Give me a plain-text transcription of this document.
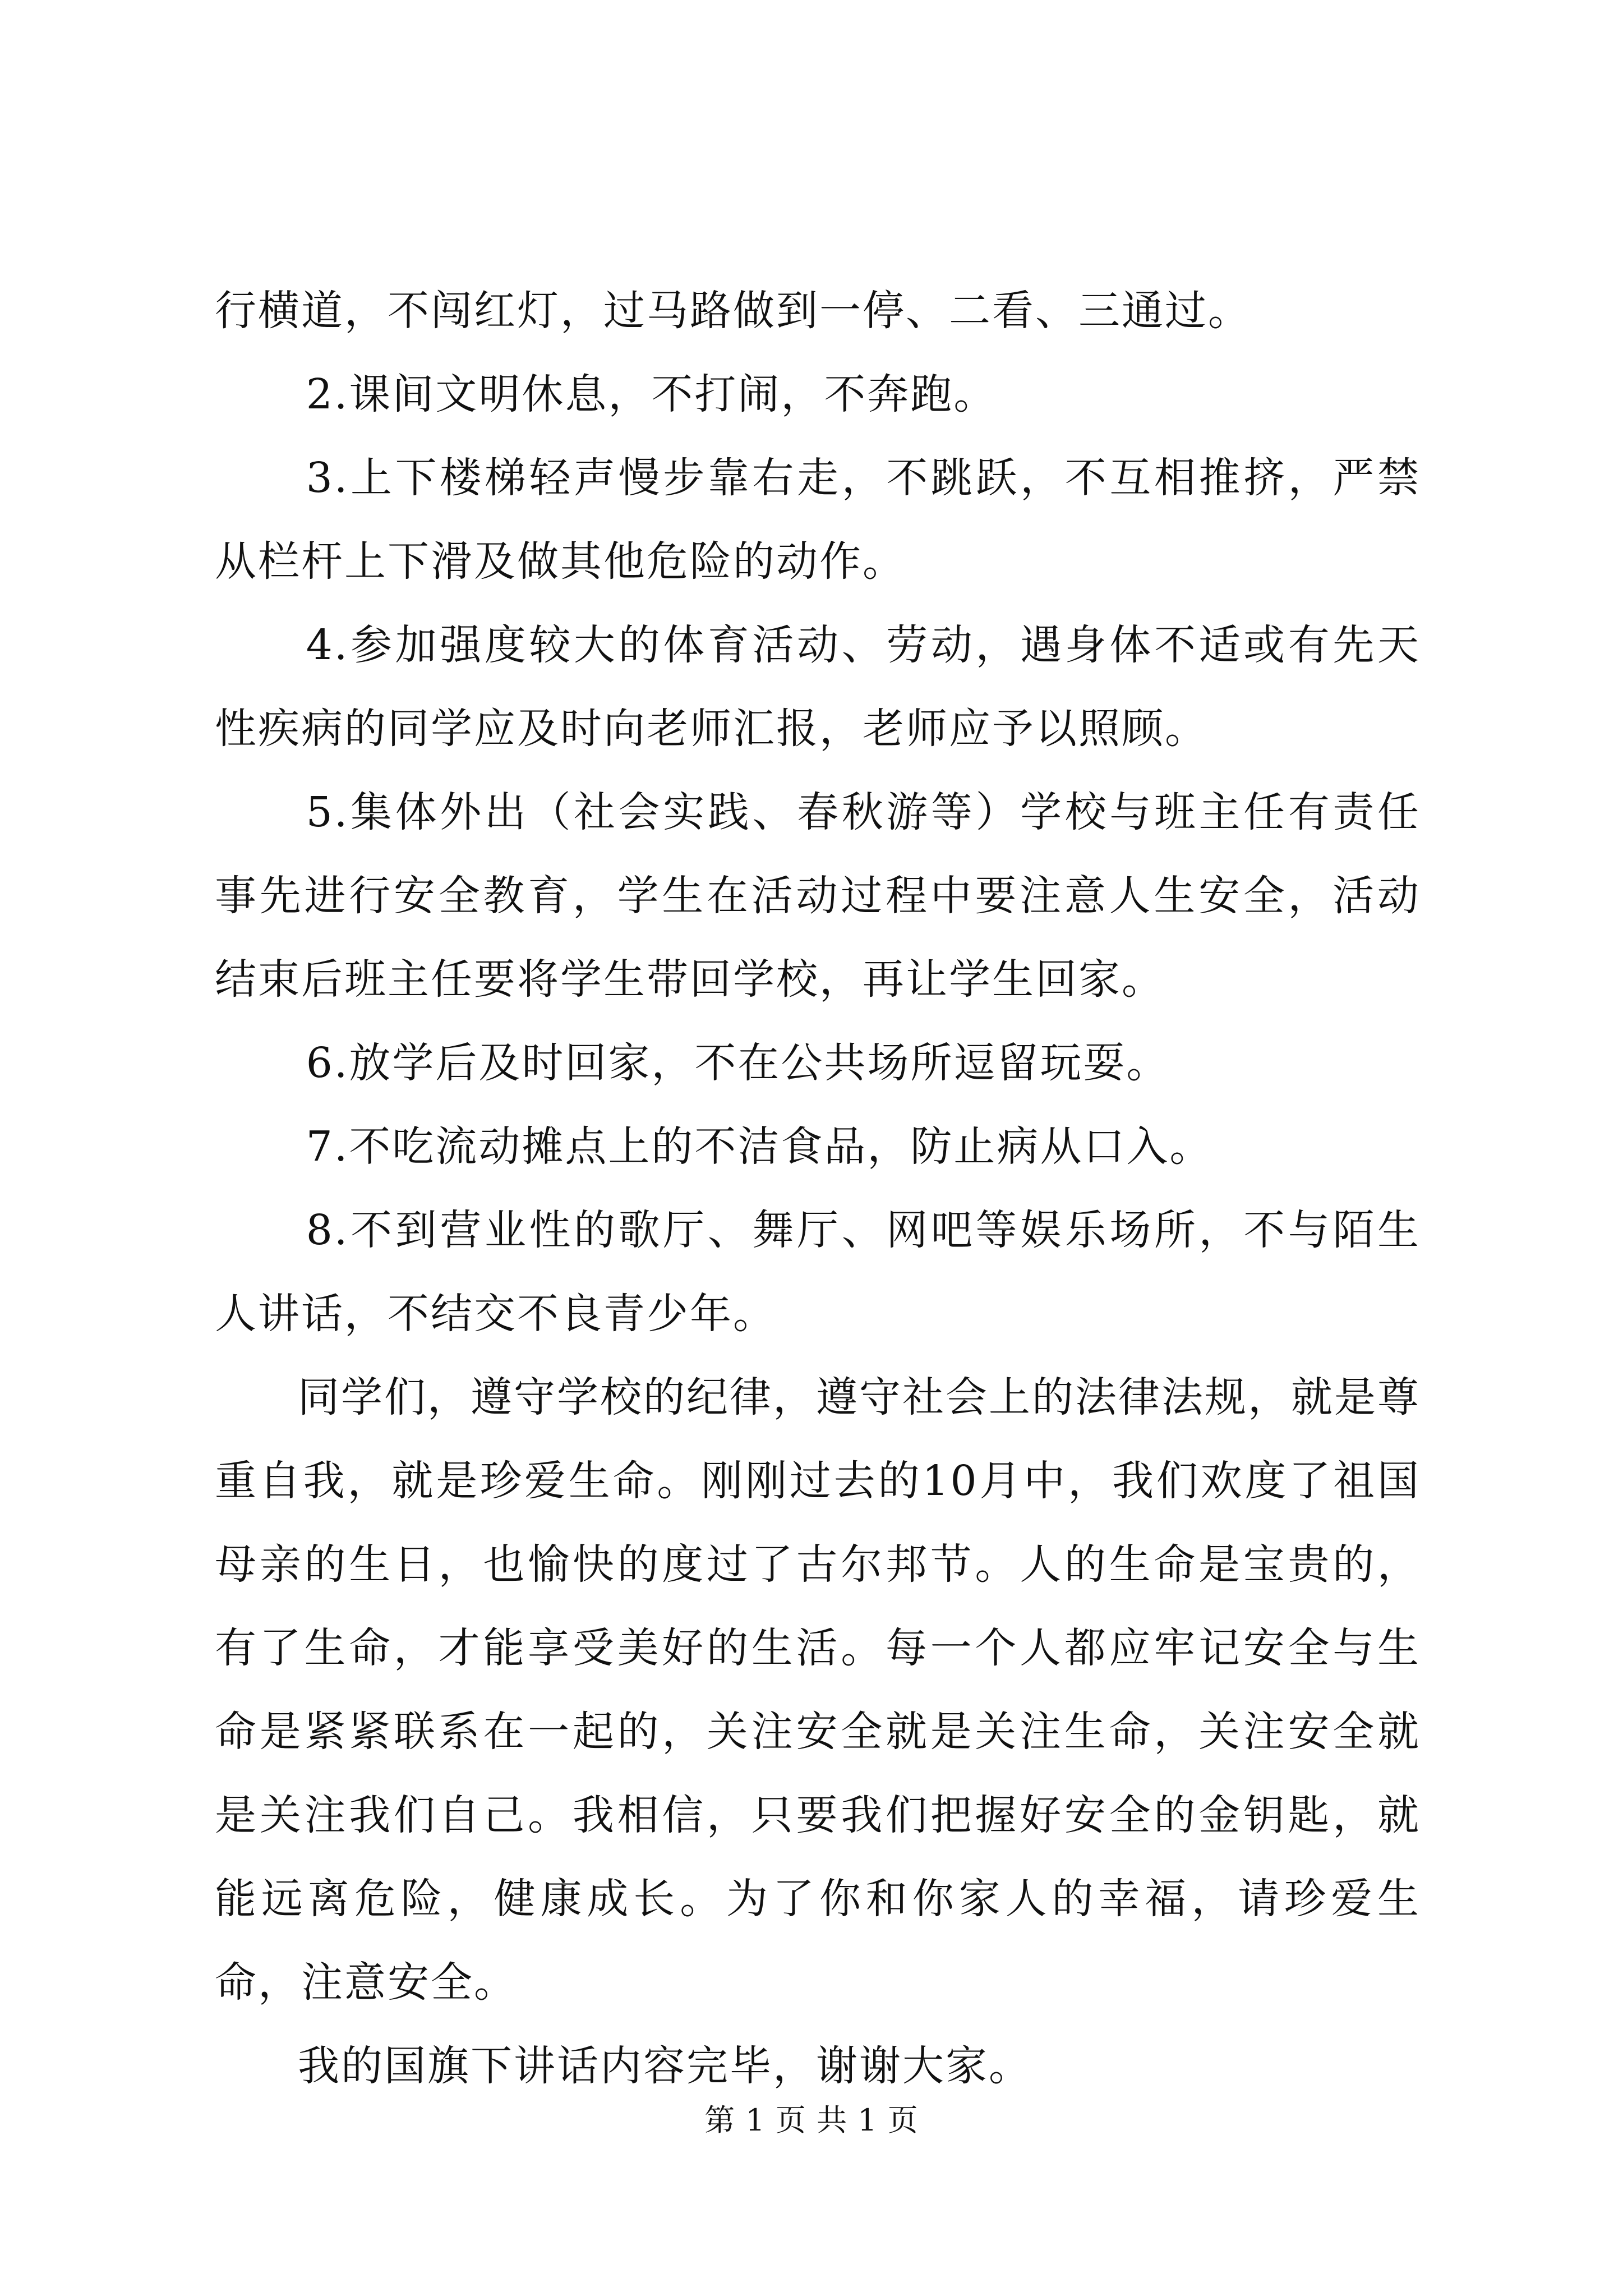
行横道，不闯红灯，过马路做到一停、二看、三通过。

2.课间文明休息，不打闹，不奔跑。

3.上下楼梯轻声慢步靠右走，不跳跃，不互相推挤，严禁从栏杆上下滑及做其他危险的动作。

4.参加强度较大的体育活动、劳动，遇身体不适或有先天性疾病的同学应及时向老师汇报，老师应予以照顾。

5.集体外出（社会实践、春秋游等）学校与班主任有责任事先进行安全教育，学生在活动过程中要注意人生安全，活动结束后班主任要将学生带回学校，再让学生回家。

6.放学后及时回家，不在公共场所逗留玩耍。

7.不吃流动摊点上的不洁食品，防止病从口入。

8.不到营业性的歌厅、舞厅、网吧等娱乐场所，不与陌生人讲话，不结交不良青少年。

同学们，遵守学校的纪律，遵守社会上的法律法规，就是尊重自我，就是珍爱生命。刚刚过去的10月中，我们欢度了祖国母亲的生日，也愉快的度过了古尔邦节。人的生命是宝贵的，有了生命，才能享受美好的生活。每一个人都应牢记安全与生命是紧紧联系在一起的，关注安全就是关注生命，关注安全就是关注我们自己。我相信，只要我们把握好安全的金钥匙，就能远离危险，健康成长。为了你和你家人的幸福，请珍爱生命，注意安全。

我的国旗下讲话内容完毕，谢谢大家。

第 1 页 共 1 页
